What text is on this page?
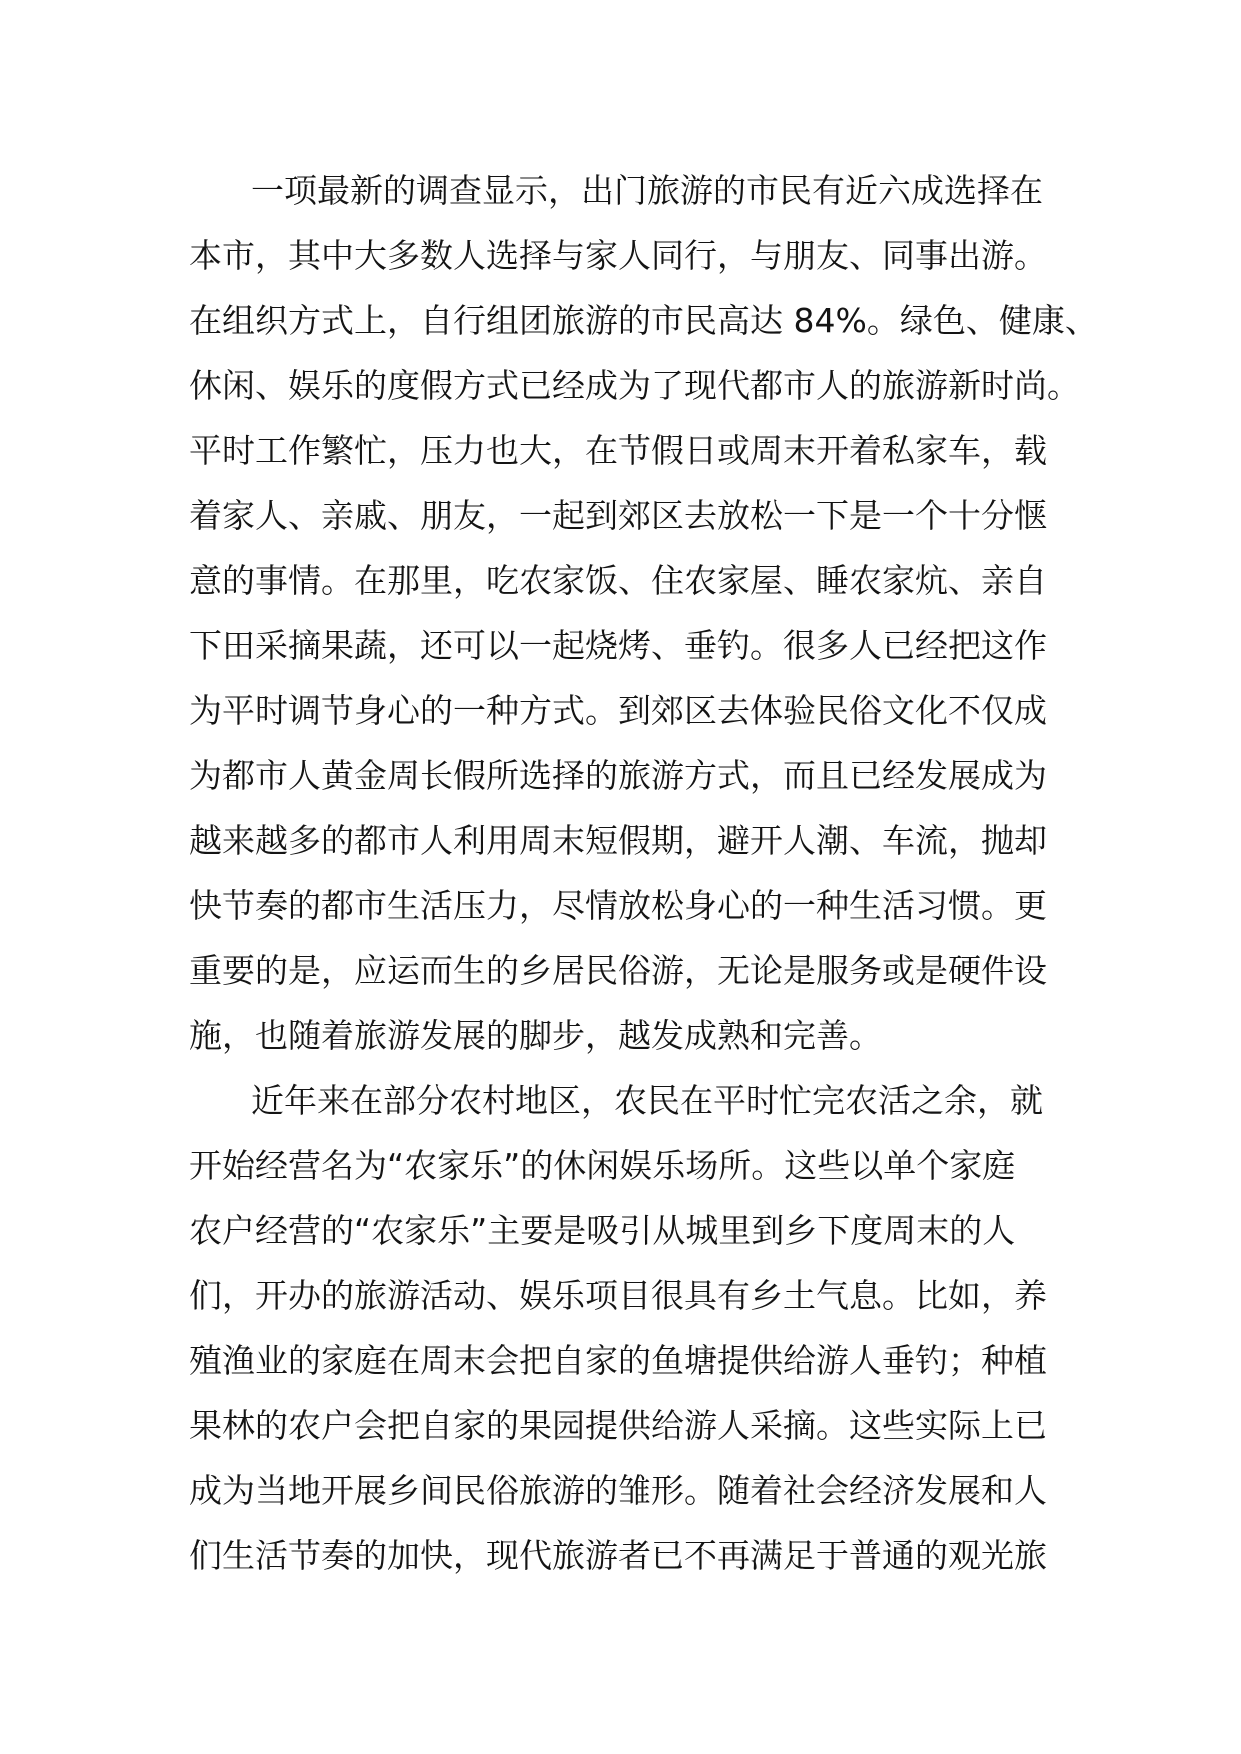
一项最新的调查显示，出门旅游的市民有近六成选择在
本市，其中大多数人选择与家人同行，与朋友、同事出游。
在组织方式上，自行组团旅游的市民高达 84%。绿色、健康、
休闲、娱乐的度假方式已经成为了现代都市人的旅游新时尚。
平时工作繁忙，压力也大，在节假日或周末开着私家车，载
着家人、亲戚、朋友，一起到郊区去放松一下是一个十分惬
意的事情。在那里，吃农家饭、住农家屋、睡农家炕、亲自
下田采摘果蔬，还可以一起烧烤、垂钓。很多人已经把这作
为平时调节身心的一种方式。到郊区去体验民俗文化不仅成
为都市人黄金周长假所选择的旅游方式，而且已经发展成为
越来越多的都市人利用周末短假期，避开人潮、车流，抛却
快节奏的都市生活压力，尽情放松身心的一种生活习惯。更
重要的是，应运而生的乡居民俗游，无论是服务或是硬件设
施，也随着旅游发展的脚步，越发成熟和完善。
近年来在部分农村地区，农民在平时忙完农活之余，就
开始经营名为“农家乐”的休闲娱乐场所。这些以单个家庭
农户经营的“农家乐”主要是吸引从城里到乡下度周末的人
们，开办的旅游活动、娱乐项目很具有乡土气息。比如，养
殖渔业的家庭在周末会把自家的鱼塘提供给游人垂钓；种植
果林的农户会把自家的果园提供给游人采摘。这些实际上已
成为当地开展乡间民俗旅游的雏形。随着社会经济发展和人
们生活节奏的加快，现代旅游者已不再满足于普通的观光旅
